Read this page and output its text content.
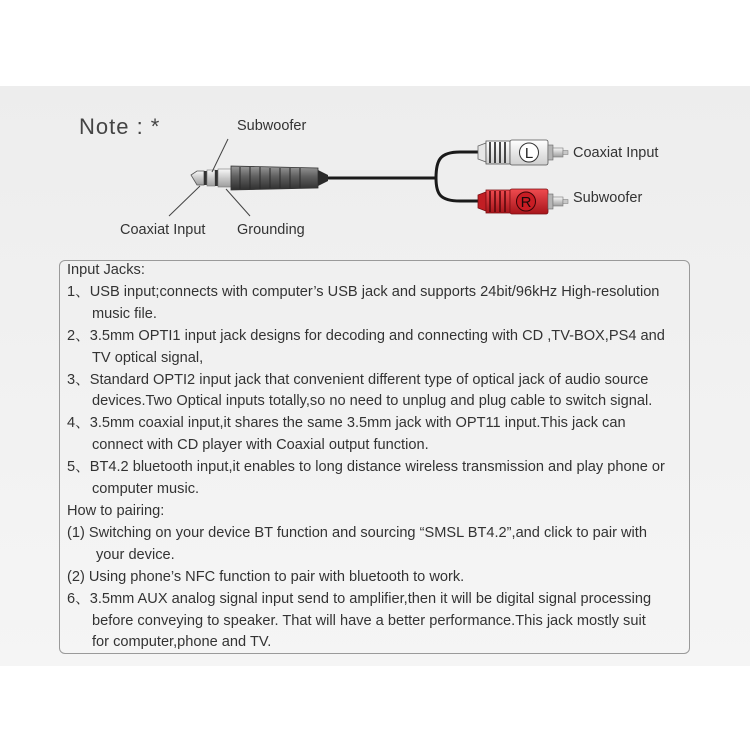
Note : *
L
R
Subwoofer
Coaxiat Input Grounding
Coaxiat Input
Subwoofer
Input Jacks:
1、USB input;connects with computer’s USB jack and supports 24bit/96kHz High-resolution
music file.
2、3.5mm OPTI1 input jack designs for decoding and connecting with CD ,TV-BOX,PS4 and
TV optical signal,
3、Standard OPTI2 input jack that convenient different type of optical jack of audio source
devices.Two Optical inputs totally,so no need to unplug and plug cable to switch signal.
4、3.5mm coaxial input,it shares the same 3.5mm jack with OPT11 input.This jack can
connect with CD player with Coaxial output function.
5、BT4.2 bluetooth input,it enables to long distance wireless transmission and play phone or
computer music.
How to pairing:
(1) Switching on your device BT function and sourcing “SMSL BT4.2”,and click to pair with
your device.
(2) Using phone’s NFC function to pair with bluetooth to work.
6、3.5mm AUX analog signal input send to amplifier,then it will be digital signal processing
before conveying to speaker. That will have a better performance.This jack mostly suit
for computer,phone and TV.
